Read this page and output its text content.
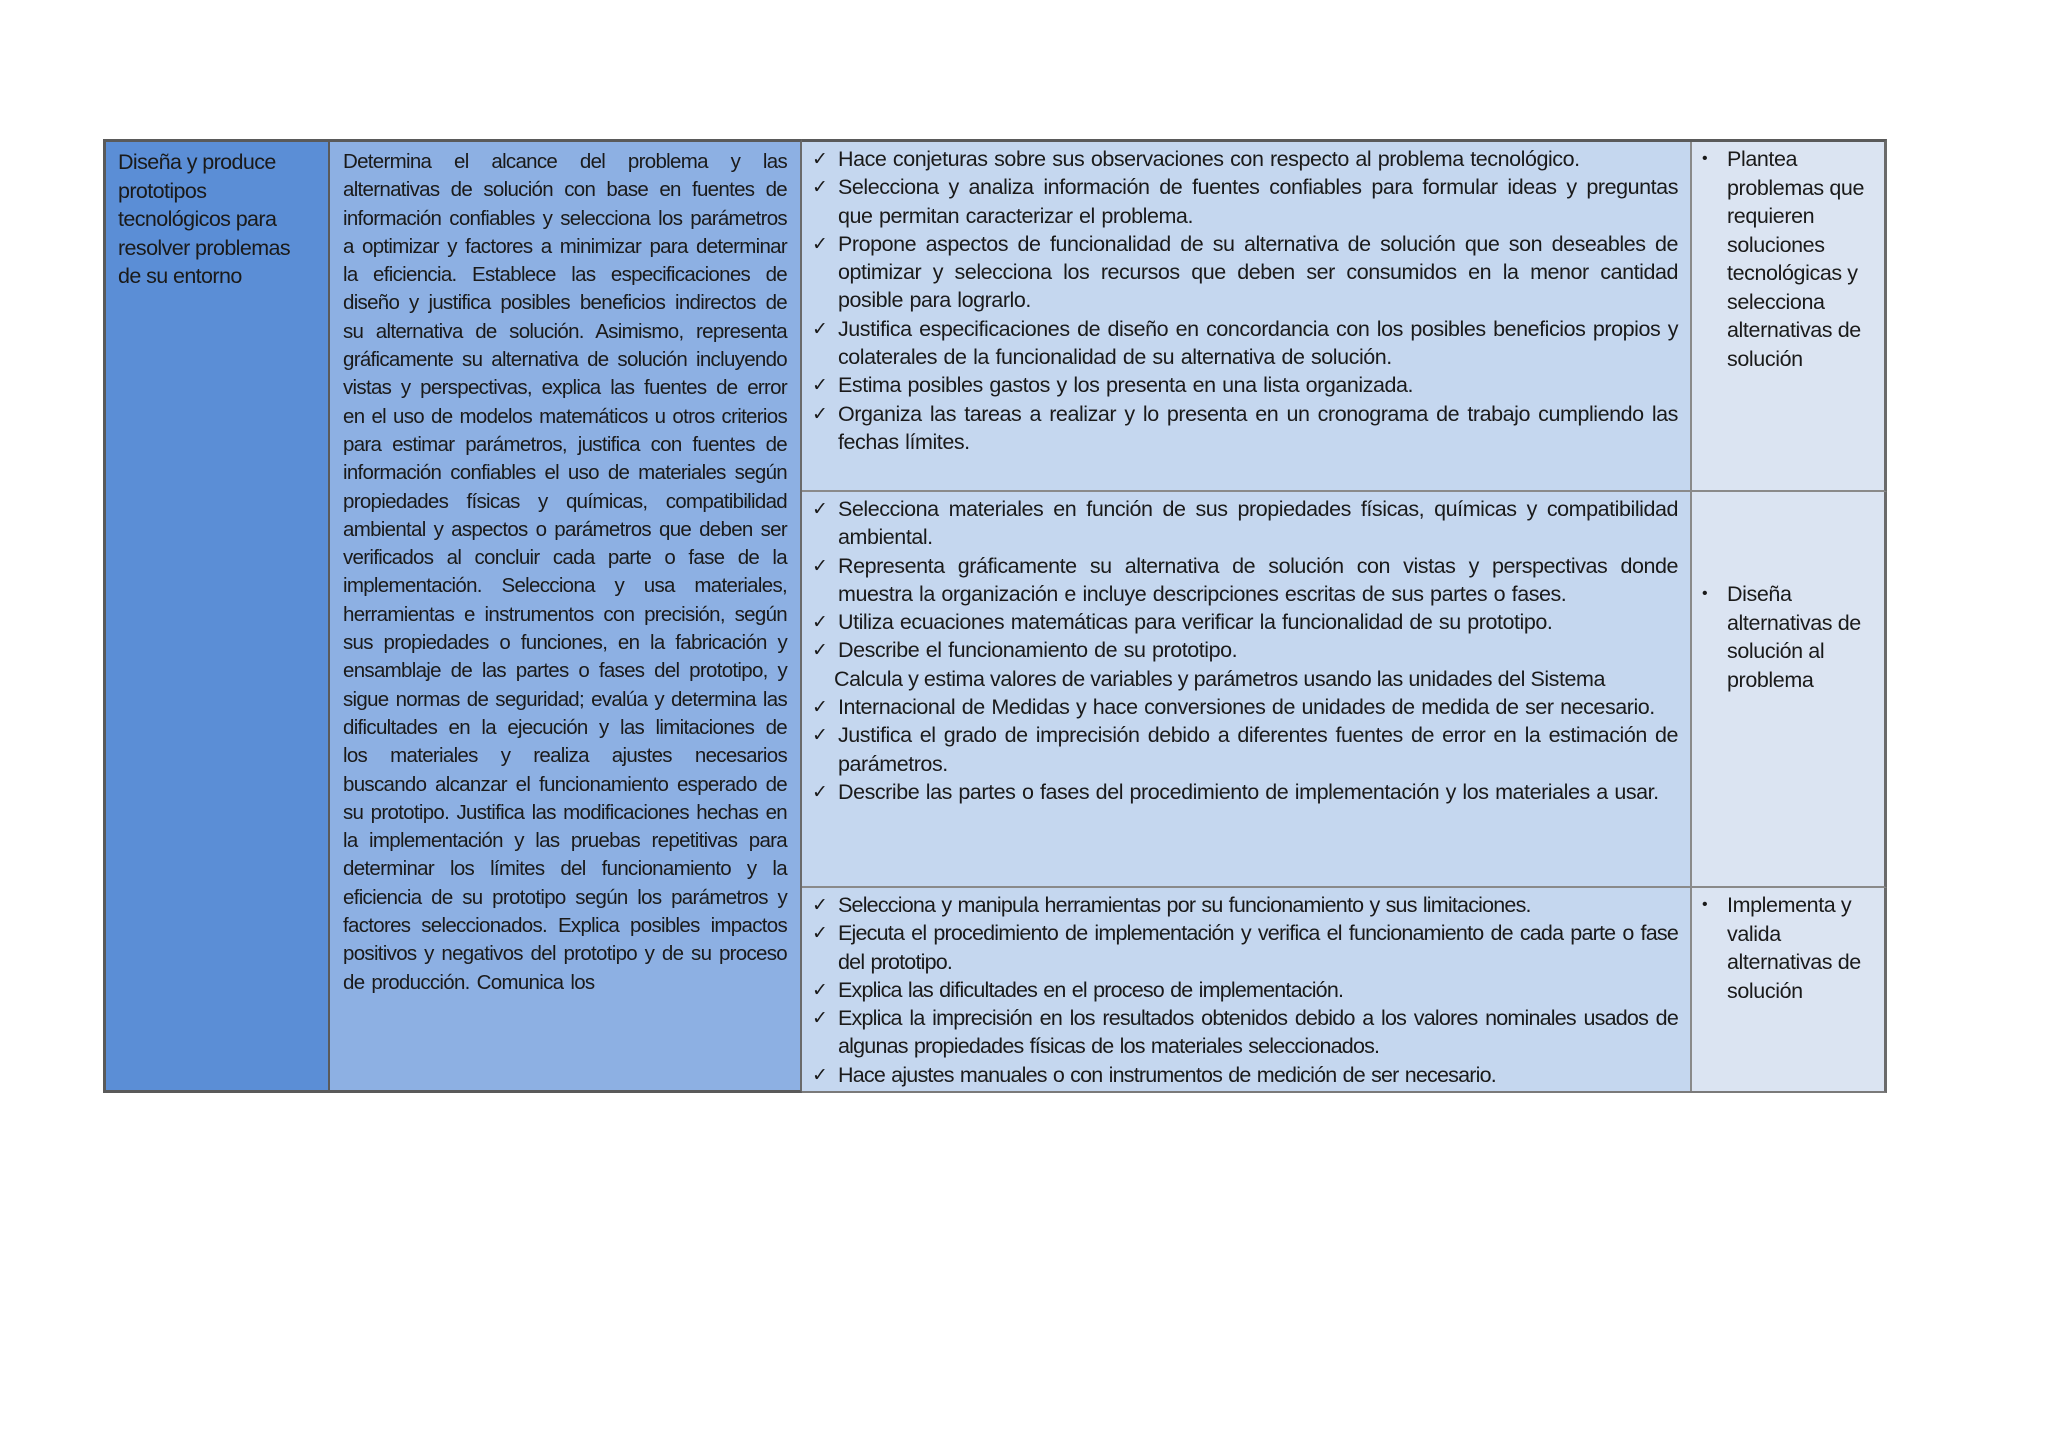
Diseña y produce prototipos tecnológicos para resolver problemas de su entorno

Determina el alcance del problema y las alternativas de solución con base en fuentes de información confiables y selecciona los parámetros a optimizar y factores a minimizar para determinar la eficiencia. Establece las especificaciones de diseño y justifica posibles beneficios indirectos de su alternativa de solución. Asimismo, representa gráficamente su alternativa de solución incluyendo vistas y perspectivas, explica las fuentes de error en el uso de modelos matemáticos u otros criterios para estimar parámetros, justifica con fuentes de información confiables el uso de materiales según propiedades físicas y químicas, compatibilidad ambiental y aspectos o parámetros que deben ser verificados al concluir cada parte o fase de la implementación. Selecciona y usa materiales, herramientas e instrumentos con precisión, según sus propiedades o funciones, en la fabricación y ensamblaje de las partes o fases del prototipo, y sigue normas de seguridad; evalúa y determina las dificultades en la ejecución y las limitaciones de los materiales y realiza ajustes necesarios buscando alcanzar el funcionamiento esperado de su prototipo. Justifica las modificaciones hechas en la implementación y las pruebas repetitivas para determinar los límites del funcionamiento y la eficiencia de su prototipo según los parámetros y factores seleccionados. Explica posibles impactos positivos y negativos del prototipo y de su proceso de producción. Comunica los

✓ Hace conjeturas sobre sus observaciones con respecto al problema tecnológico.
✓ Selecciona y analiza información de fuentes confiables para formular ideas y preguntas que permitan caracterizar el problema.
✓ Propone aspectos de funcionalidad de su alternativa de solución que son deseables de optimizar y selecciona los recursos que deben ser consumidos en la menor cantidad posible para lograrlo.
✓ Justifica especificaciones de diseño en concordancia con los posibles beneficios propios y colaterales de la funcionalidad de su alternativa de solución.
✓ Estima posibles gastos y los presenta en una lista organizada.
✓ Organiza las tareas a realizar y lo presenta en un cronograma de trabajo cumpliendo las fechas límites.
• Plantea problemas que requieren soluciones tecnológicas y selecciona alternativas de solución
✓ Selecciona materiales en función de sus propiedades físicas, químicas y compatibilidad ambiental.
✓ Representa gráficamente su alternativa de solución con vistas y perspectivas donde muestra la organización e incluye descripciones escritas de sus partes o fases.
✓ Utiliza ecuaciones matemáticas para verificar la funcionalidad de su prototipo.
✓ Describe el funcionamiento de su prototipo.
Calcula y estima valores de variables y parámetros usando las unidades del Sistema
✓ Internacional de Medidas y hace conversiones de unidades de medida de ser necesario.
✓ Justifica el grado de imprecisión debido a diferentes fuentes de error en la estimación de parámetros.
✓ Describe las partes o fases del procedimiento de implementación y los materiales a usar.
• Diseña alternativas de solución al problema
✓ Selecciona y manipula herramientas por su funcionamiento y sus limitaciones.
✓ Ejecuta el procedimiento de implementación y verifica el funcionamiento de cada parte o fase del prototipo.
✓ Explica las dificultades en el proceso de implementación.
✓ Explica la imprecisión en los resultados obtenidos debido a los valores nominales usados de algunas propiedades físicas de los materiales seleccionados.
✓ Hace ajustes manuales o con instrumentos de medición de ser necesario.
• Implementa y valida alternativas de solución
